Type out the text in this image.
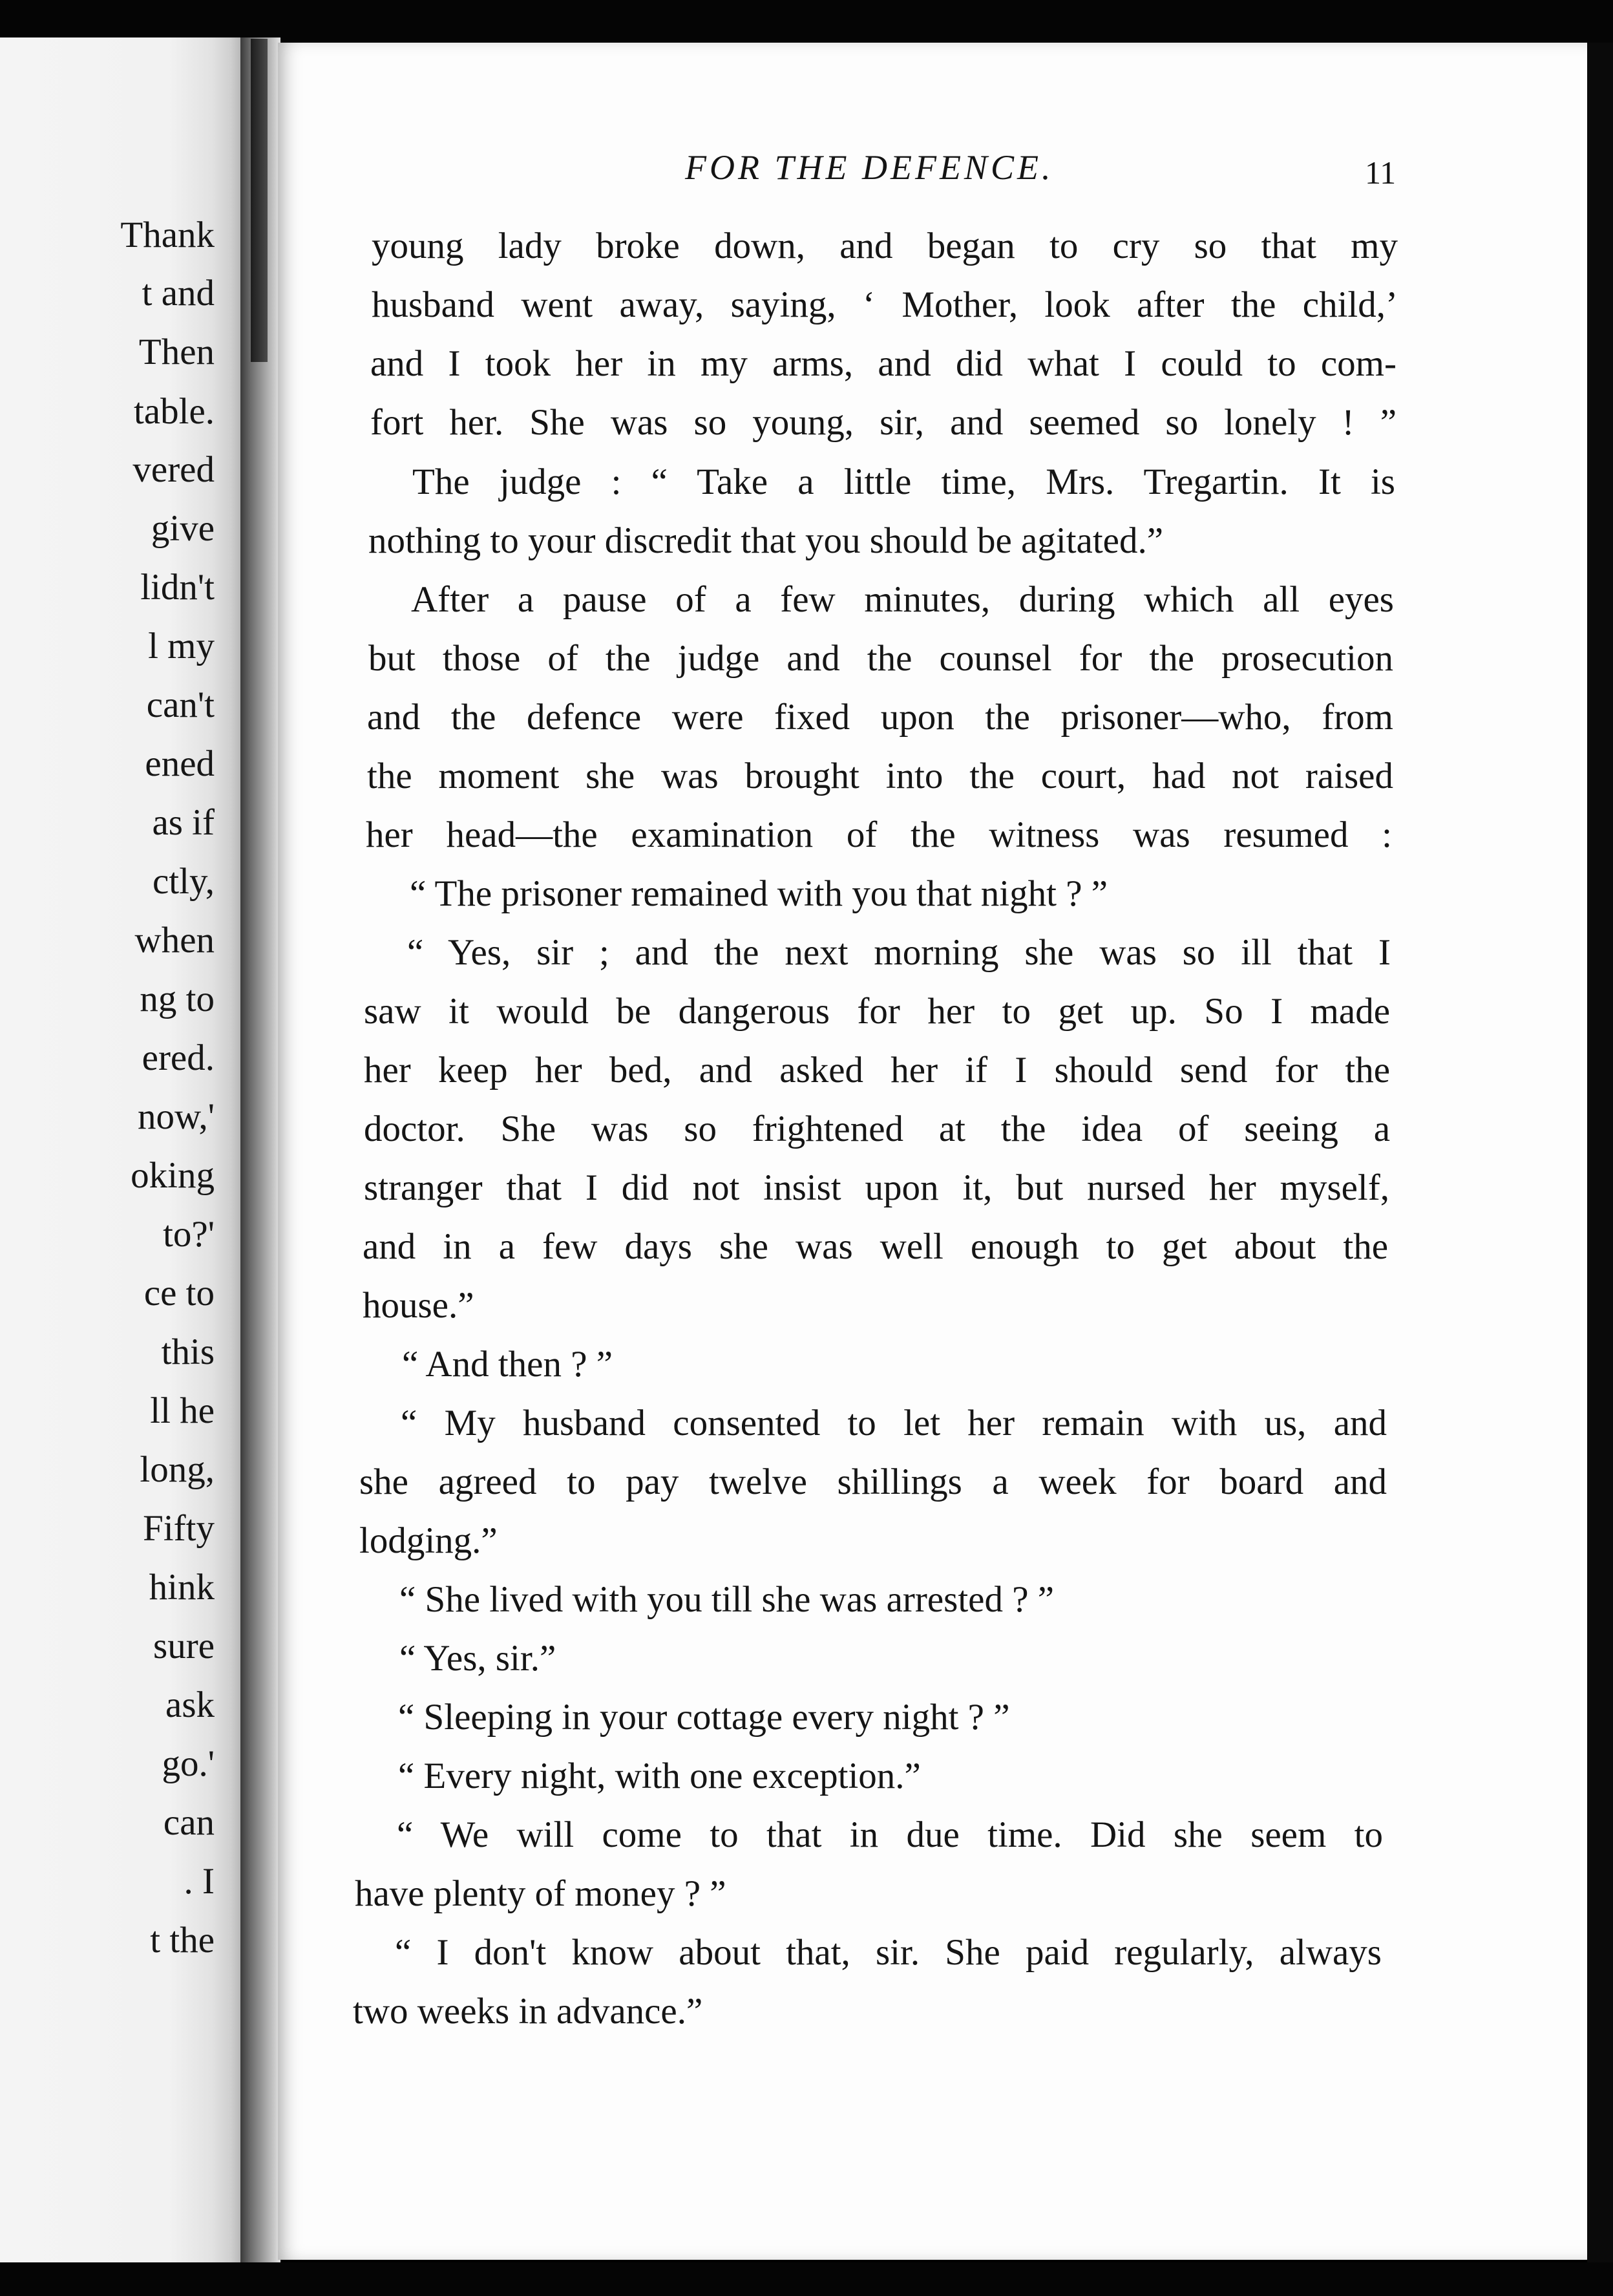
Thank
t and
Then
table.
vered
give
lidn't
l my
can't
ened
as if
ctly,
when
ng to
ered.
now,'
oking
to?'
ce to
this
ll he
long,
Fifty
hink
sure
ask
go.'
can
. I
t the
FOR THE DEFENCE.	11
young lady broke down, and began to cry so that my
husband went away, saying, ‘ Mother, look after the child,’
and I took her in my arms, and did what I could to com-
fort her. She was so young, sir, and seemed so lonely ! ”
The judge : “ Take a little time, Mrs. Tregartin. It is
nothing to your discredit that you should be agitated.”
After a pause of a few minutes, during which all eyes
but those of the judge and the counsel for the prosecution
and the defence were fixed upon the prisoner—who, from
the moment she was brought into the court, had not raised
her head—the examination of the witness was resumed :
“ The prisoner remained with you that night ? ”
“ Yes, sir ; and the next morning she was so ill that I
saw it would be dangerous for her to get up. So I made
her keep her bed, and asked her if I should send for the
doctor. She was so frightened at the idea of seeing a
stranger that I did not insist upon it, but nursed her myself,
and in a few days she was well enough to get about the
house.”
“ And then ? ”
“ My husband consented to let her remain with us, and
she agreed to pay twelve shillings a week for board and
lodging.”
“ She lived with you till she was arrested ? ”
“ Yes, sir.”
“ Sleeping in your cottage every night ? ”
“ Every night, with one exception.”
“ We will come to that in due time. Did she seem to
have plenty of money ? ”
“ I don't know about that, sir. She paid regularly, always
two weeks in advance.”
